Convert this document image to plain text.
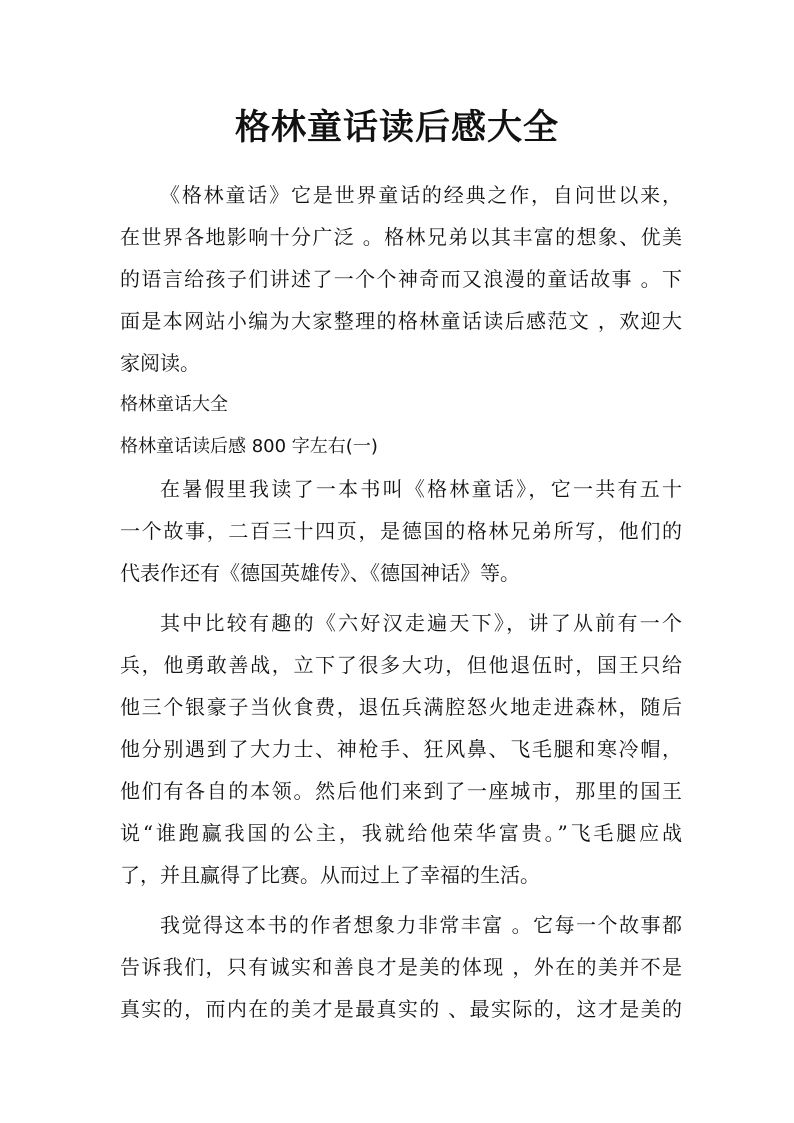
格林童话读后感大全
《格林童话》它是世界童话的经典之作，自问世以来，
在世界各地影响十分广泛 。格林兄弟以其丰富的想象、优美
的语言给孩子们讲述了一个个神奇而又浪漫的童话故事 。下
面是本网站小编为大家整理的格林童话读后感范文 ，欢迎大
家阅读。
格林童话大全
格林童话读后感 800 字左右(一)
在暑假里我读了一本书叫《格林童话》，它一共有五十
一个故事，二百三十四页，是德国的格林兄弟所写，他们的
代表作还有《德国英雄传》、《德国神话》等。
其中比较有趣的《六好汉走遍天下》，讲了从前有一个
兵，他勇敢善战，立下了很多大功，但他退伍时，国王只给
他三个银豪子当伙食费，退伍兵满腔怒火地走进森林，随后
他分别遇到了大力士、神枪手、狂风鼻、飞毛腿和寒冷帽，
他们有各自的本领。然后他们来到了一座城市，那里的国王
说“谁跑赢我国的公主，我就给他荣华富贵。”飞毛腿应战
了，并且赢得了比赛。从而过上了幸福的生活。
我觉得这本书的作者想象力非常丰富 。它每一个故事都
告诉我们，只有诚实和善良才是美的体现 ，外在的美并不是
真实的，而内在的美才是最真实的 、最实际的，这才是美的
